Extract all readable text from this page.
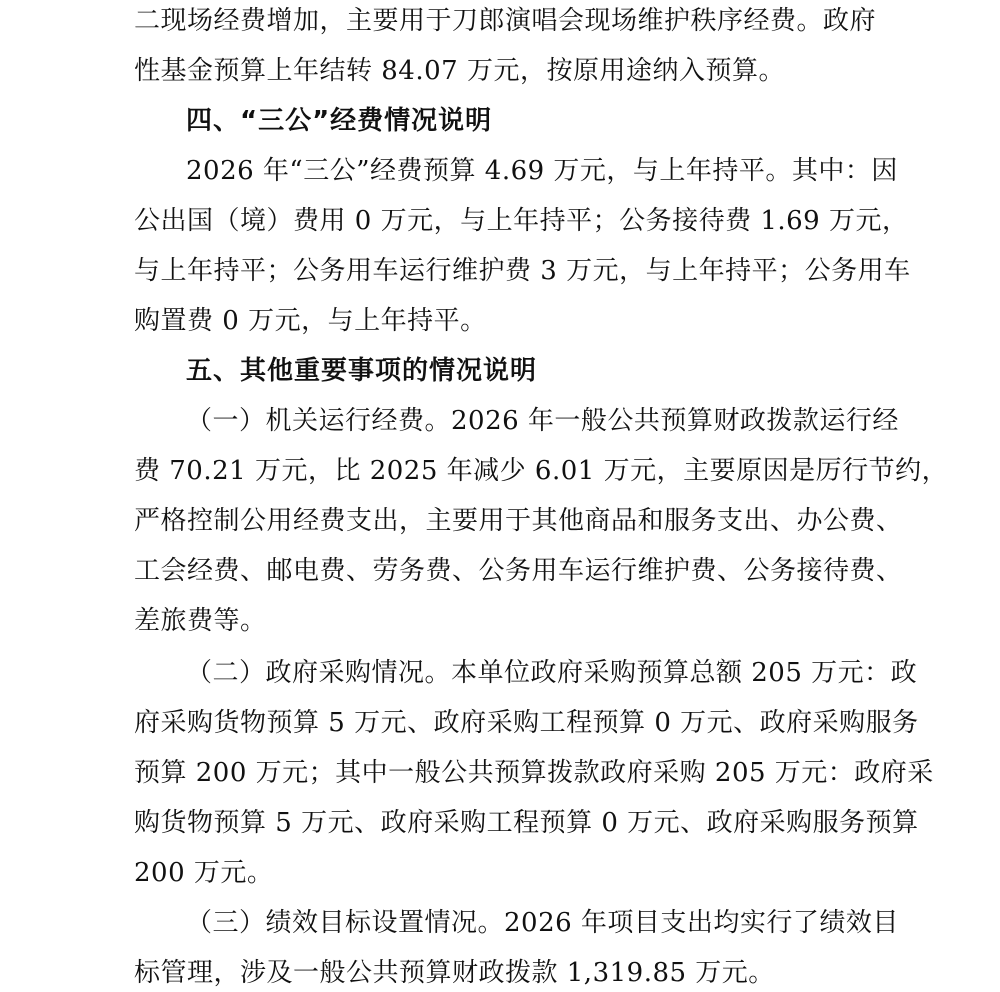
二现场经费增加，主要用于刀郎演唱会现场维护秩序经费。政府
性基金预算上年结转 84.07 万元，按原用途纳入预算。
四、“三公”经费情况说明
2026 年“三公”经费预算 4.69 万元，与上年持平。其中：因
公出国（境）费用 0 万元，与上年持平；公务接待费 1.69 万元，
与上年持平；公务用车运行维护费 3 万元，与上年持平；公务用车
购置费 0 万元，与上年持平。
五、其他重要事项的情况说明
（一）机关运行经费。2026 年一般公共预算财政拨款运行经
费 70.21 万元，比 2025 年减少 6.01 万元，主要原因是厉行节约，
严格控制公用经费支出，主要用于其他商品和服务支出、办公费、
工会经费、邮电费、劳务费、公务用车运行维护费、公务接待费、
差旅费等。
（二）政府采购情况。本单位政府采购预算总额 205 万元：政
府采购货物预算 5 万元、政府采购工程预算 0 万元、政府采购服务
预算 200 万元；其中一般公共预算拨款政府采购 205 万元：政府采
购货物预算 5 万元、政府采购工程预算 0 万元、政府采购服务预算
200 万元。
（三）绩效目标设置情况。2026 年项目支出均实行了绩效目
标管理，涉及一般公共预算财政拨款 1,319.85 万元。
